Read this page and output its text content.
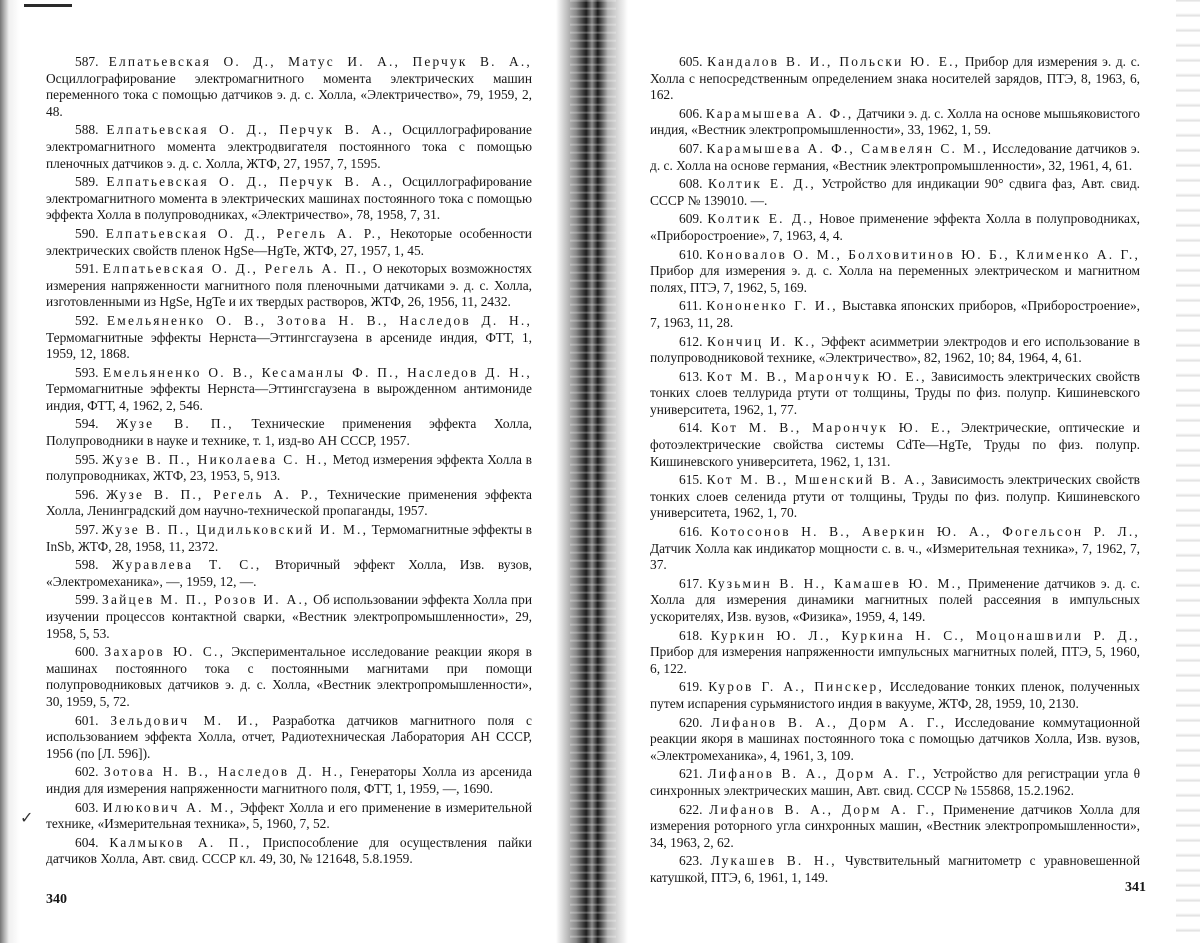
✓

587. Елпатьевская О. Д., Матус И. А., Перчук В. А., Осциллографирование электромагнитного момента электрических машин переменного тока с помощью датчиков э. д. с. Холла, «Электричество», 79, 1959, 2, 48.

588. Елпатьевская О. Д., Перчук В. А., Осциллографирование электромагнитного момента электродвигателя постоянного тока с помощью пленочных датчиков э. д. с. Холла, ЖТФ, 27, 1957, 7, 1595.

589. Елпатьевская О. Д., Перчук В. А., Осциллографирование электромагнитного момента в электрических машинах постоянного тока с помощью эффекта Холла в полупроводниках, «Электричество», 78, 1958, 7, 31.

590. Елпатьевская О. Д., Регель А. Р., Некоторые особенности электрических свойств пленок HgSe—HgTe, ЖТФ, 27, 1957, 1, 45.

591. Елпатьевская О. Д., Регель А. П., О некоторых возможностях измерения напряженности магнитного поля пленочными датчиками э. д. с. Холла, изготовленными из HgSe, HgTe и их твердых растворов, ЖТФ, 26, 1956, 11, 2432.

592. Емельяненко О. В., Зотова Н. В., Наследов Д. Н., Термомагнитные эффекты Нернста—Эттингсгаузена в арсениде индия, ФТТ, 1, 1959, 12, 1868.

593. Емельяненко О. В., Кесаманлы Ф. П., Наследов Д. Н., Термомагнитные эффекты Нернста—Эттингсгаузена в вырожденном антимониде индия, ФТТ, 4, 1962, 2, 546.

594. Жузе В. П., Технические применения эффекта Холла, Полупроводники в науке и технике, т. 1, изд-во АН СССР, 1957.

595. Жузе В. П., Николаева С. Н., Метод измерения эффекта Холла в полупроводниках, ЖТФ, 23, 1953, 5, 913.

596. Жузе В. П., Регель А. Р., Технические применения эффекта Холла, Ленинградский дом научно-технической пропаганды, 1957.

597. Жузе В. П., Цидильковский И. М., Термомагнитные эффекты в InSb, ЖТФ, 28, 1958, 11, 2372.

598. Журавлева Т. С., Вторичный эффект Холла, Изв. вузов, «Электромеханика», —, 1959, 12, —.

599. Зайцев М. П., Розов И. А., Об использовании эффекта Холла при изучении процессов контактной сварки, «Вестник электропромышленности», 29, 1958, 5, 53.

600. Захаров Ю. С., Экспериментальное исследование реакции якоря в машинах постоянного тока с постоянными магнитами при помощи полупроводниковых датчиков э. д. с. Холла, «Вестник электропромышленности», 30, 1959, 5, 72.

601. Зельдович М. И., Разработка датчиков магнитного поля с использованием эффекта Холла, отчет, Радиотехническая Лаборатория АН СССР, 1956 (по [Л. 596]).

602. Зотова Н. В., Наследов Д. Н., Генераторы Холла из арсенида индия для измерения напряженности магнитного поля, ФТТ, 1, 1959, —, 1690.

603. Илюкович А. М., Эффект Холла и его применение в измерительной технике, «Измерительная техника», 5, 1960, 7, 52.

604. Калмыков А. П., Приспособление для осуществления пайки датчиков Холла, Авт. свид. СССР кл. 49, 30, № 121648, 5.8.1959.

605. Кандалов В. И., Польски Ю. Е., Прибор для измерения э. д. с. Холла с непосредственным определением знака носителей зарядов, ПТЭ, 8, 1963, 6, 162.

606. Карамышева А. Ф., Датчики э. д. с. Холла на основе мышьяковистого индия, «Вестник электропромышленности», 33, 1962, 1, 59.

607. Карамышева А. Ф., Самвелян С. М., Исследование датчиков э. д. с. Холла на основе германия, «Вестник электропромышленности», 32, 1961, 4, 61.

608. Колтик Е. Д., Устройство для индикации 90° сдвига фаз, Авт. свид. СССР № 139010. —.

609. Колтик Е. Д., Новое применение эффекта Холла в полупроводниках, «Приборостроение», 7, 1963, 4, 4.

610. Коновалов О. М., Болховитинов Ю. Б., Клименко А. Г., Прибор для измерения э. д. с. Холла на переменных электрическом и магнитном полях, ПТЭ, 7, 1962, 5, 169.

611. Кононенко Г. И., Выставка японских приборов, «Приборостроение», 7, 1963, 11, 28.

612. Кончиц И. К., Эффект асимметрии электродов и его использование в полупроводниковой технике, «Электричество», 82, 1962, 10; 84, 1964, 4, 61.

613. Кот М. В., Марончук Ю. Е., Зависимость электрических свойств тонких слоев теллурида ртути от толщины, Труды по физ. полупр. Кишиневского университета, 1962, 1, 77.

614. Кот М. В., Марончук Ю. Е., Электрические, оптические и фотоэлектрические свойства системы CdTe—HgTe, Труды по физ. полупр. Кишиневского университета, 1962, 1, 131.

615. Кот М. В., Мшенский В. А., Зависимость электрических свойств тонких слоев селенида ртути от толщины, Труды по физ. полупр. Кишиневского университета, 1962, 1, 70.

616. Котосонов Н. В., Аверкин Ю. А., Фогельсон Р. Л., Датчик Холла как индикатор мощности с. в. ч., «Измерительная техника», 7, 1962, 7, 37.

617. Кузьмин В. Н., Камашев Ю. М., Применение датчиков э. д. с. Холла для измерения динамики магнитных полей рассеяния в импульсных ускорителях, Изв. вузов, «Физика», 1959, 4, 149.

618. Куркин Ю. Л., Куркина Н. С., Моцонашвили Р. Д., Прибор для измерения напряженности импульсных магнитных полей, ПТЭ, 5, 1960, 6, 122.

619. Куров Г. А., Пинскер, Исследование тонких пленок, полученных путем испарения сурьмянистого индия в вакууме, ЖТФ, 28, 1959, 10, 2130.

620. Лифанов В. А., Дорм А. Г., Исследование коммутационной реакции якоря в машинах постоянного тока с помощью датчиков Холла, Изв. вузов, «Электромеханика», 4, 1961, 3, 109.

621. Лифанов В. А., Дорм А. Г., Устройство для регистрации угла θ синхронных электрических машин, Авт. свид. СССР № 155868, 15.2.1962.

622. Лифанов В. А., Дорм А. Г., Применение датчиков Холла для измерения роторного угла синхронных машин, «Вестник электропромышленности», 34, 1963, 2, 62.

623. Лукашев В. Н., Чувствительный магнитометр с уравновешенной катушкой, ПТЭ, 6, 1961, 1, 149.

340
341
